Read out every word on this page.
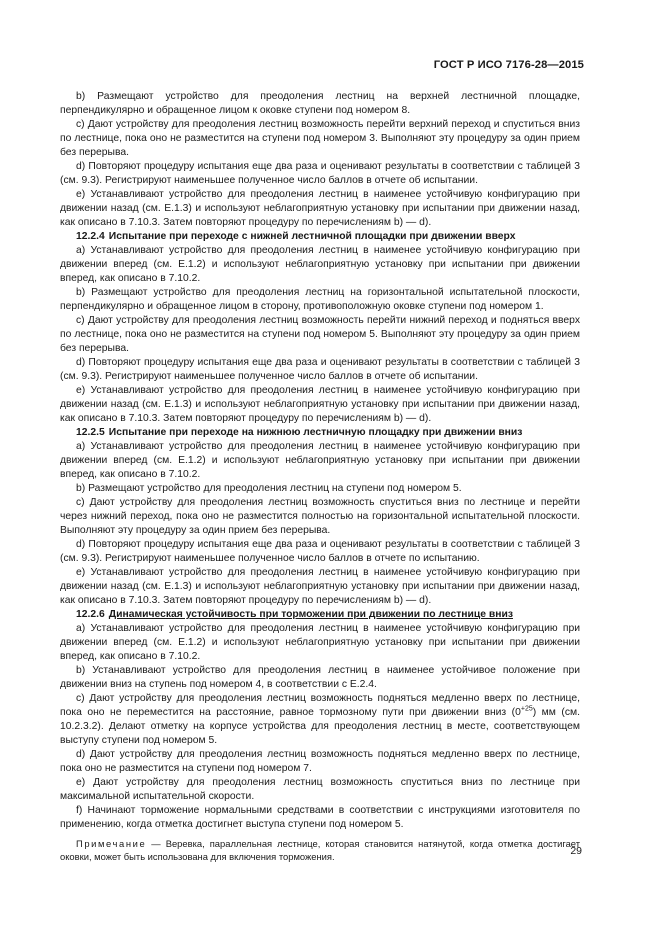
ГОСТ Р ИСО 7176-28—2015

b) Размещают устройство для преодоления лестниц на верхней лестничной площадке, перпендикулярно и обращенное лицом к оковке ступени под номером 8.

c) Дают устройству для преодоления лестниц возможность перейти верхний переход и спуститься вниз по лестнице, пока оно не разместится на ступени под номером 3. Выполняют эту процедуру за один прием без перерыва.

d) Повторяют процедуру испытания еще два раза и оценивают результаты в соответствии с таблицей 3 (см. 9.3). Регистрируют наименьшее полученное число баллов в отчете об испытании.

e) Устанавливают устройство для преодоления лестниц в наименее устойчивую конфигурацию при движении назад (см. Е.1.3) и используют неблагоприятную установку при испытании при движении назад, как описано в 7.10.3. Затем повторяют процедуру по перечислениям b) — d).

12.2.4 Испытание при переходе с нижней лестничной площадки при движении вверх

a) Устанавливают устройство для преодоления лестниц в наименее устойчивую конфигурацию при движении вперед (см. Е.1.2) и используют неблагоприятную установку при испытании при движении вперед, как описано в 7.10.2.

b) Размещают устройство для преодоления лестниц на горизонтальной испытательной плоскости, перпендикулярно и обращенное лицом в сторону, противоположную оковке ступени под номером 1.

c) Дают устройству для преодоления лестниц возможность перейти нижний переход и подняться вверх по лестнице, пока оно не разместится на ступени под номером 5. Выполняют эту процедуру за один прием без перерыва.

d) Повторяют процедуру испытания еще два раза и оценивают результаты в соответствии с таблицей 3 (см. 9.3). Регистрируют наименьшее полученное число баллов в отчете об испытании.

e) Устанавливают устройство для преодоления лестниц в наименее устойчивую конфигурацию при движении назад (см. Е.1.3) и используют неблагоприятную установку при испытании при движении назад, как описано в 7.10.3. Затем повторяют процедуру по перечислениям b) — d).

12.2.5 Испытание при переходе на нижнюю лестничную площадку при движении вниз

a) Устанавливают устройство для преодоления лестниц в наименее устойчивую конфигурацию при движении вперед (см. Е.1.2) и используют неблагоприятную установку при испытании при движении вперед, как описано в 7.10.2.

b) Размещают устройство для преодоления лестниц на ступени под номером 5.

c) Дают устройству для преодоления лестниц возможность спуститься вниз по лестнице и перейти через нижний переход, пока оно не разместится полностью на горизонтальной испытательной плоскости. Выполняют эту процедуру за один прием без перерыва.

d) Повторяют процедуру испытания еще два раза и оценивают результаты в соответствии с таблицей 3 (см. 9.3). Регистрируют наименьшее полученное число баллов в отчете по испытанию.

e) Устанавливают устройство для преодоления лестниц в наименее устойчивую конфигурацию при движении назад (см. Е.1.3) и используют неблагоприятную установку при испытании при движении назад, как описано в 7.10.3. Затем повторяют процедуру по перечислениям b) — d).

12.2.6 Динамическая устойчивость при торможении при движении по лестнице вниз

a) Устанавливают устройство для преодоления лестниц в наименее устойчивую конфигурацию при движении вперед (см. Е.1.2) и используют неблагоприятную установку при испытании при движении вперед, как описано в 7.10.2.

b) Устанавливают устройство для преодоления лестниц в наименее устойчивое положение при движении вниз на ступень под номером 4, в соответствии с Е.2.4.

c) Дают устройству для преодоления лестниц возможность подняться медленно вверх по лестнице, пока оно не переместится на расстояние, равное тормозному пути при движении вниз $(0^{+25})$ мм (см. 10.2.3.2). Делают отметку на корпусе устройства для преодоления лестниц в месте, соответствующем выступу ступени под номером 5.

d) Дают устройству для преодоления лестниц возможность подняться медленно вверх по лестнице, пока оно не разместится на ступени под номером 7.

e) Дают устройству для преодоления лестниц возможность спуститься вниз по лестнице при максимальной испытательной скорости.

f) Начинают торможение нормальными средствами в соответствии с инструкциями изготовителя по применению, когда отметка достигнет выступа ступени под номером 5.

Примечание — Веревка, параллельная лестнице, которая становится натянутой, когда отметка достигает оковки, может быть использована для включения торможения.	29
